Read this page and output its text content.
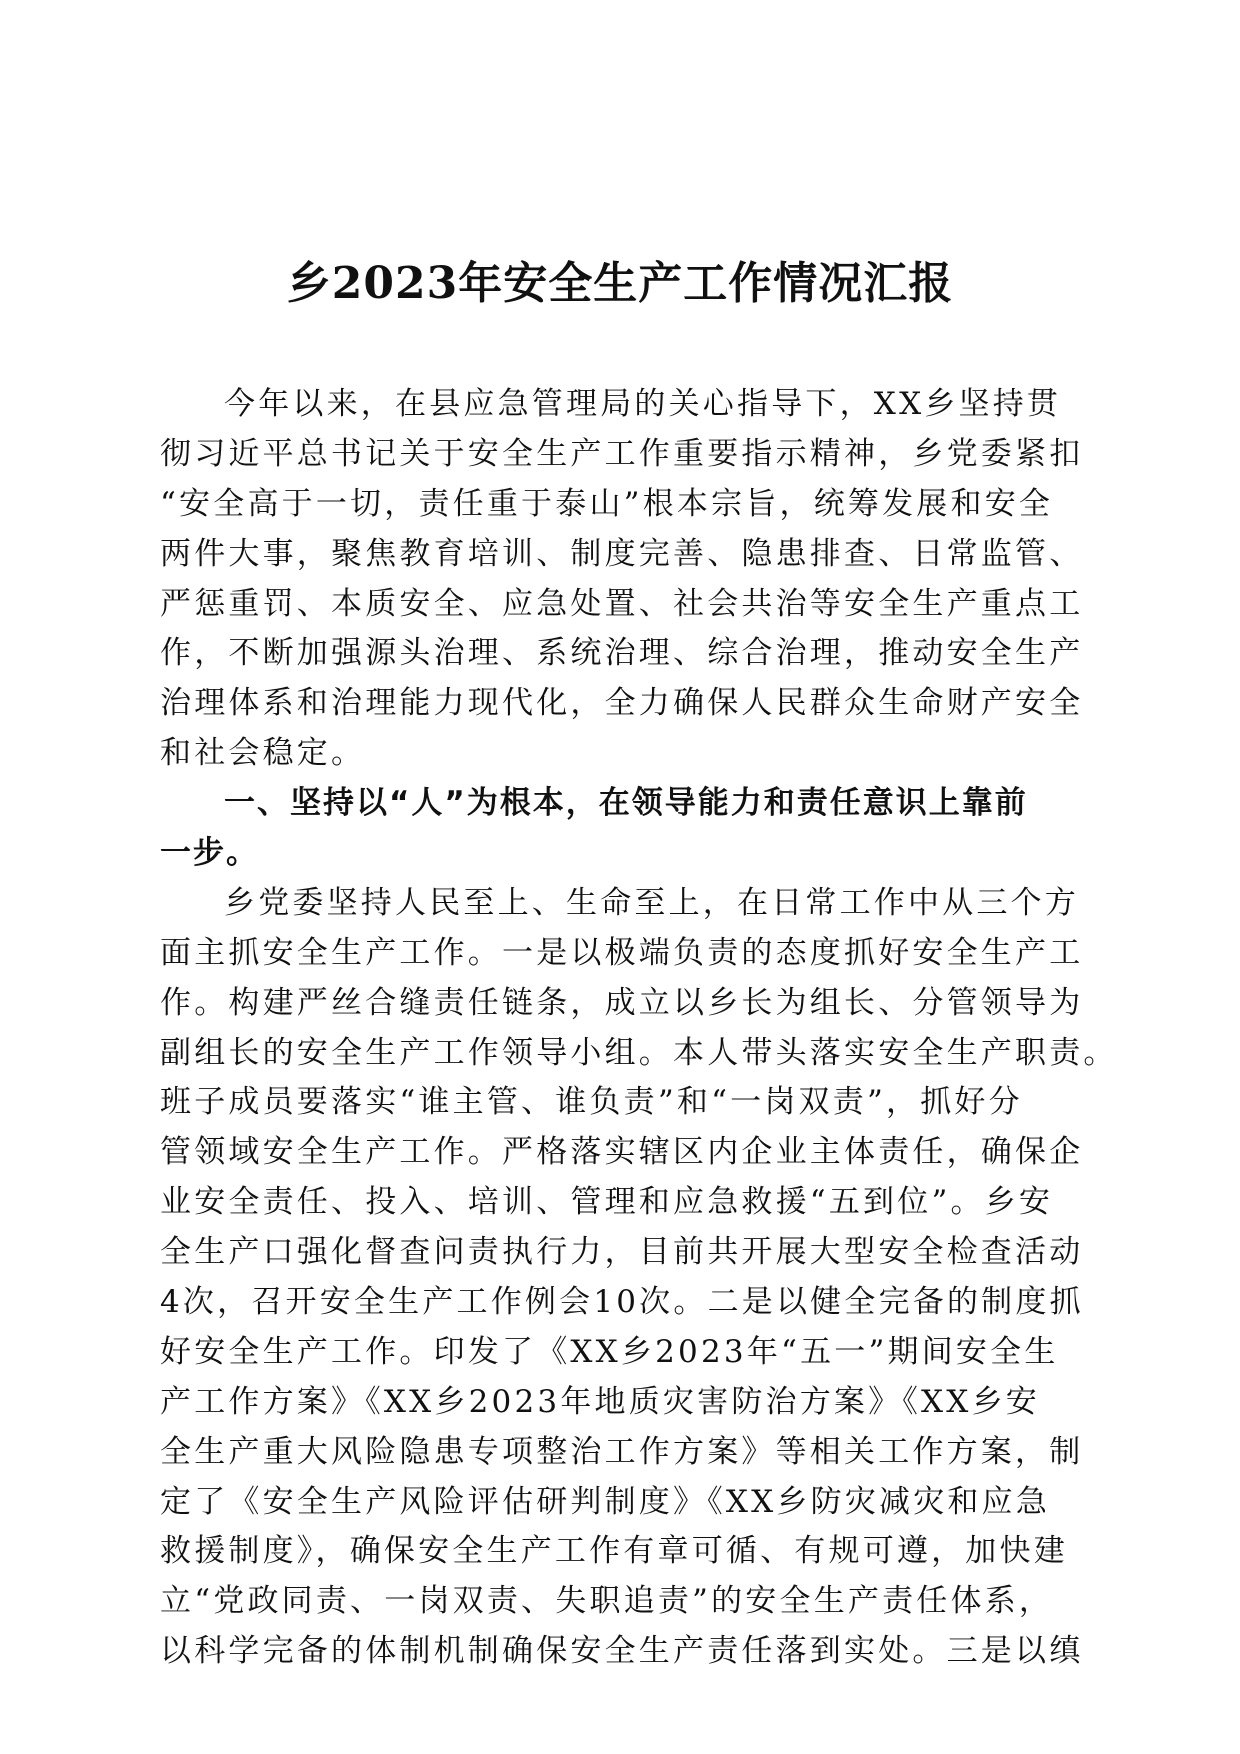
乡2023年安全生产工作情况汇报
今年以来，在县应急管理局的关心指导下，XX乡坚持贯
彻习近平总书记关于安全生产工作重要指示精神，乡党委紧扣
“安全高于一切，责任重于泰山”根本宗旨，统筹发展和安全
两件大事，聚焦教育培训、制度完善、隐患排查、日常监管、
严惩重罚、本质安全、应急处置、社会共治等安全生产重点工
作，不断加强源头治理、系统治理、综合治理，推动安全生产
治理体系和治理能力现代化，全力确保人民群众生命财产安全
和社会稳定。
一、坚持以“人”为根本，在领导能力和责任意识上靠前
一步。
乡党委坚持人民至上、生命至上，在日常工作中从三个方
面主抓安全生产工作。一是以极端负责的态度抓好安全生产工
作。构建严丝合缝责任链条，成立以乡长为组长、分管领导为
副组长的安全生产工作领导小组。本人带头落实安全生产职责。
班子成员要落实“谁主管、谁负责”和“一岗双责”，抓好分
管领域安全生产工作。严格落实辖区内企业主体责任，确保企
业安全责任、投入、培训、管理和应急救援“五到位”。乡安
全生产口强化督查问责执行力，目前共开展大型安全检查活动
4次，召开安全生产工作例会10次。二是以健全完备的制度抓
好安全生产工作。印发了《XX乡2023年“五一”期间安全生
产工作方案》《XX乡2023年地质灾害防治方案》《XX乡安
全生产重大风险隐患专项整治工作方案》等相关工作方案，制
定了《安全生产风险评估研判制度》《XX乡防灾减灾和应急
救援制度》，确保安全生产工作有章可循、有规可遵，加快建
立“党政同责、一岗双责、失职追责”的安全生产责任体系，
以科学完备的体制机制确保安全生产责任落到实处。三是以缜
